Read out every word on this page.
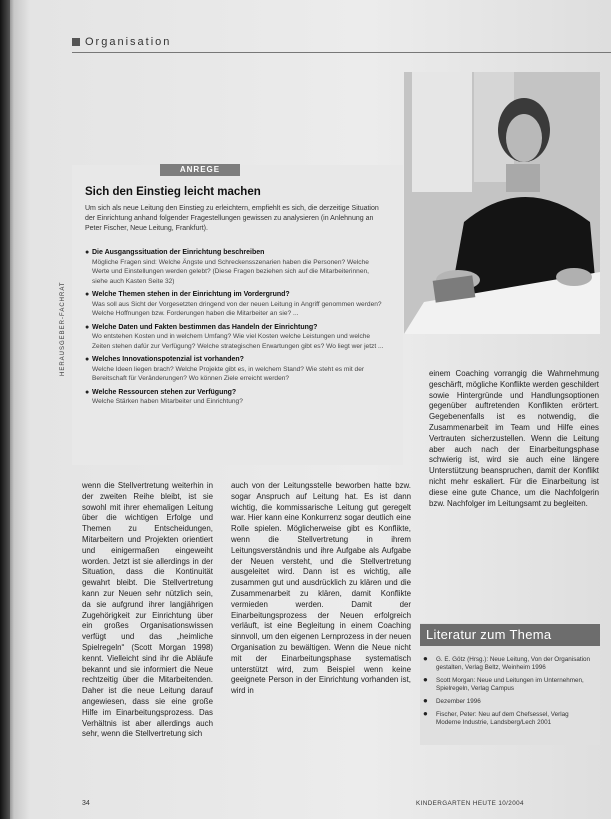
Organisation
ANREGE
Sich den Einstieg leicht machen
Um sich als neue Leitung den Einstieg zu erleichtern, empfiehlt es sich, die derzeitige Situation der Einrichtung anhand folgender Fragestellungen gewissen zu analysieren (in Anlehnung an Peter Fischer, Neue Leitung, Frankfurt).
● Die Ausgangssituation der Einrichtung beschreiben
Mögliche Fragen sind: Welche Ängste und Schreckensszenarien haben die Personen? Welche Werte und Einstellungen werden gelebt? (Diese Fragen beziehen sich auf die Mitarbeiterinnen, siehe auch Kasten Seite 32)
● Welche Themen stehen in der Einrichtung im Vordergrund?
Was soll aus Sicht der Vorgesetzten dringend von der neuen Leitung in Angriff genommen werden? Welche Hoffnungen bzw. Forderungen haben die Mitarbeiter an sie? ...
● Welche Daten und Fakten bestimmen das Handeln der Einrichtung?
Wo entstehen Kosten und in welchem Umfang? Wie viel Kosten welche Leistungen und welche Zeiten stehen dafür zur Verfügung? Welche strategischen Erwartungen gibt es? Wo liegt wer jetzt ...
● Welches Innovationspotenzial ist vorhanden?
Welche Ideen liegen brach? Welche Projekte gibt es, in welchem Stand? Wie steht es mit der Bereitschaft für Veränderungen? Wo können Ziele erreicht werden?
● Welche Ressourcen stehen zur Verfügung?
Welche Stärken haben Mitarbeiter und Einrichtung?
HERAUSGEBER-FACHRAT

wenn die Stellvertretung weiterhin in der zweiten Reihe bleibt, ist sie sowohl mit ihrer ehemaligen Leitung über die wichtigen Erfolge und Themen zu Entscheidungen, Mitarbeitern und Projekten orientiert und einigermaßen eingeweiht worden. Jetzt ist sie allerdings in der Situation, dass die Kontinuität gewahrt bleibt. Die Stellvertretung kann zur Neuen sehr nützlich sein, da sie aufgrund ihrer langjährigen Zugehörigkeit zur Einrichtung über ein großes Organisationswissen verfügt und das „heimliche Spielregelnʺ (Scott Morgan 1998) kennt. Vielleicht sind ihr die Abläufe bekannt und sie informiert die Neue rechtzeitig über die Mitarbeitenden. Daher ist die neue Leitung darauf angewiesen, dass sie eine große Hilfe im Einarbeitungsprozess. Das Verhältnis ist aber allerdings auch sehr, wenn die Stellvertretung sich

auch von der Leitungsstelle beworben hatte bzw. sogar Anspruch auf Leitung hat. Es ist dann wichtig, die kommissarische Leitung gut geregelt war. Hier kann eine Konkurrenz sogar deutlich eine Rolle spielen. Möglicherweise gibt es Konflikte, wenn die Stellvertretung in ihrem Leitungsverständnis und ihre Aufgabe als Aufgabe der Neuen versteht, und die Stellvertretung ausgeleitet wird. Dann ist es wichtig, alle zusammen gut und ausdrücklich zu klären und die Zusammenarbeit zu klären, damit Konflikte vermieden werden. Damit der Einarbeitungsprozess der Neuen erfolgreich verläuft, ist eine Begleitung in einem Coaching sinnvoll, um den eigenen Lernprozess in der neuen Organisation zu bewältigen. Wenn die Neue nicht mit der Einarbeitungsphase systematisch unterstützt wird, zum Beispiel wenn keine geeignete Person in der Einrichtung vorhanden ist, wird in

einem Coaching vorrangig die Wahrnehmung geschärft, mögliche Konflikte werden geschildert sowie Hintergründe und Handlungsoptionen gegenüber auftretenden Konflikten erörtert. Gegebenenfalls ist es notwendig, die Zusammenarbeit im Team und Hilfe eines Vertrauten sicherzustellen. Wenn die Leitung aber auch nach der Einarbeitungsphase schwierig ist, wird sie auch eine längere Unterstützung beanspruchen, damit der Konflikt nicht mehr eskaliert. Für die Einarbeitung ist diese eine gute Chance, um die Nachfolgerin bzw. Nachfolger im Leitungsamt zu begleiten.

Literatur zum Thema
● G. E. Götz (Hrsg.): Neue Leitung, Von der Organisation gestalten, Verlag Beltz, Weinheim 1996
● Scott Morgan: Neue und Leitungen im Unternehmen, Spielregeln, Verlag Campus
● Dezember 1996
● Fischer, Peter: Neu auf dem Chefsessel, Verlag Moderne Industrie, Landsberg/Lech 2001
34	KINDERGARTEN HEUTE 10/2004
